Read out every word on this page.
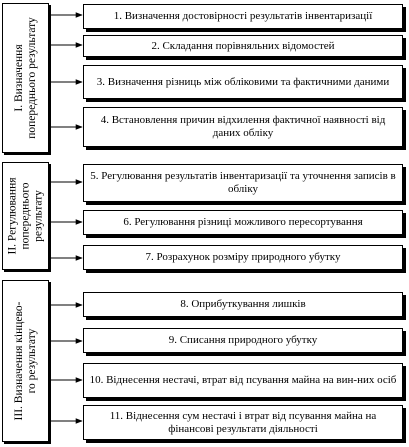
I. Визначення попереднього результату
1. Визначення достовірності результатів інвентаризації
2. Складання порівняльних відомостей
3. Визначення різниць між обліковими та фактичними даними
4. Встановлення причин відхилення фактичної наявності від даних обліку
II. Регулювання попереднього результату
5. Регулювання результатів інвентаризації та уточнення записів в обліку
6. Регулювання різниці можливого пересортування
7. Розрахунок розміру природного убутку
III. Визначення кінцево- го результату
8. Оприбуткування лишків
9. Списання природного убутку
10. Віднесення нестачі, втрат від псування майна на вин-них осіб
11. Віднесення сум нестачі і втрат від псування майна на фінансові результати діяльності
